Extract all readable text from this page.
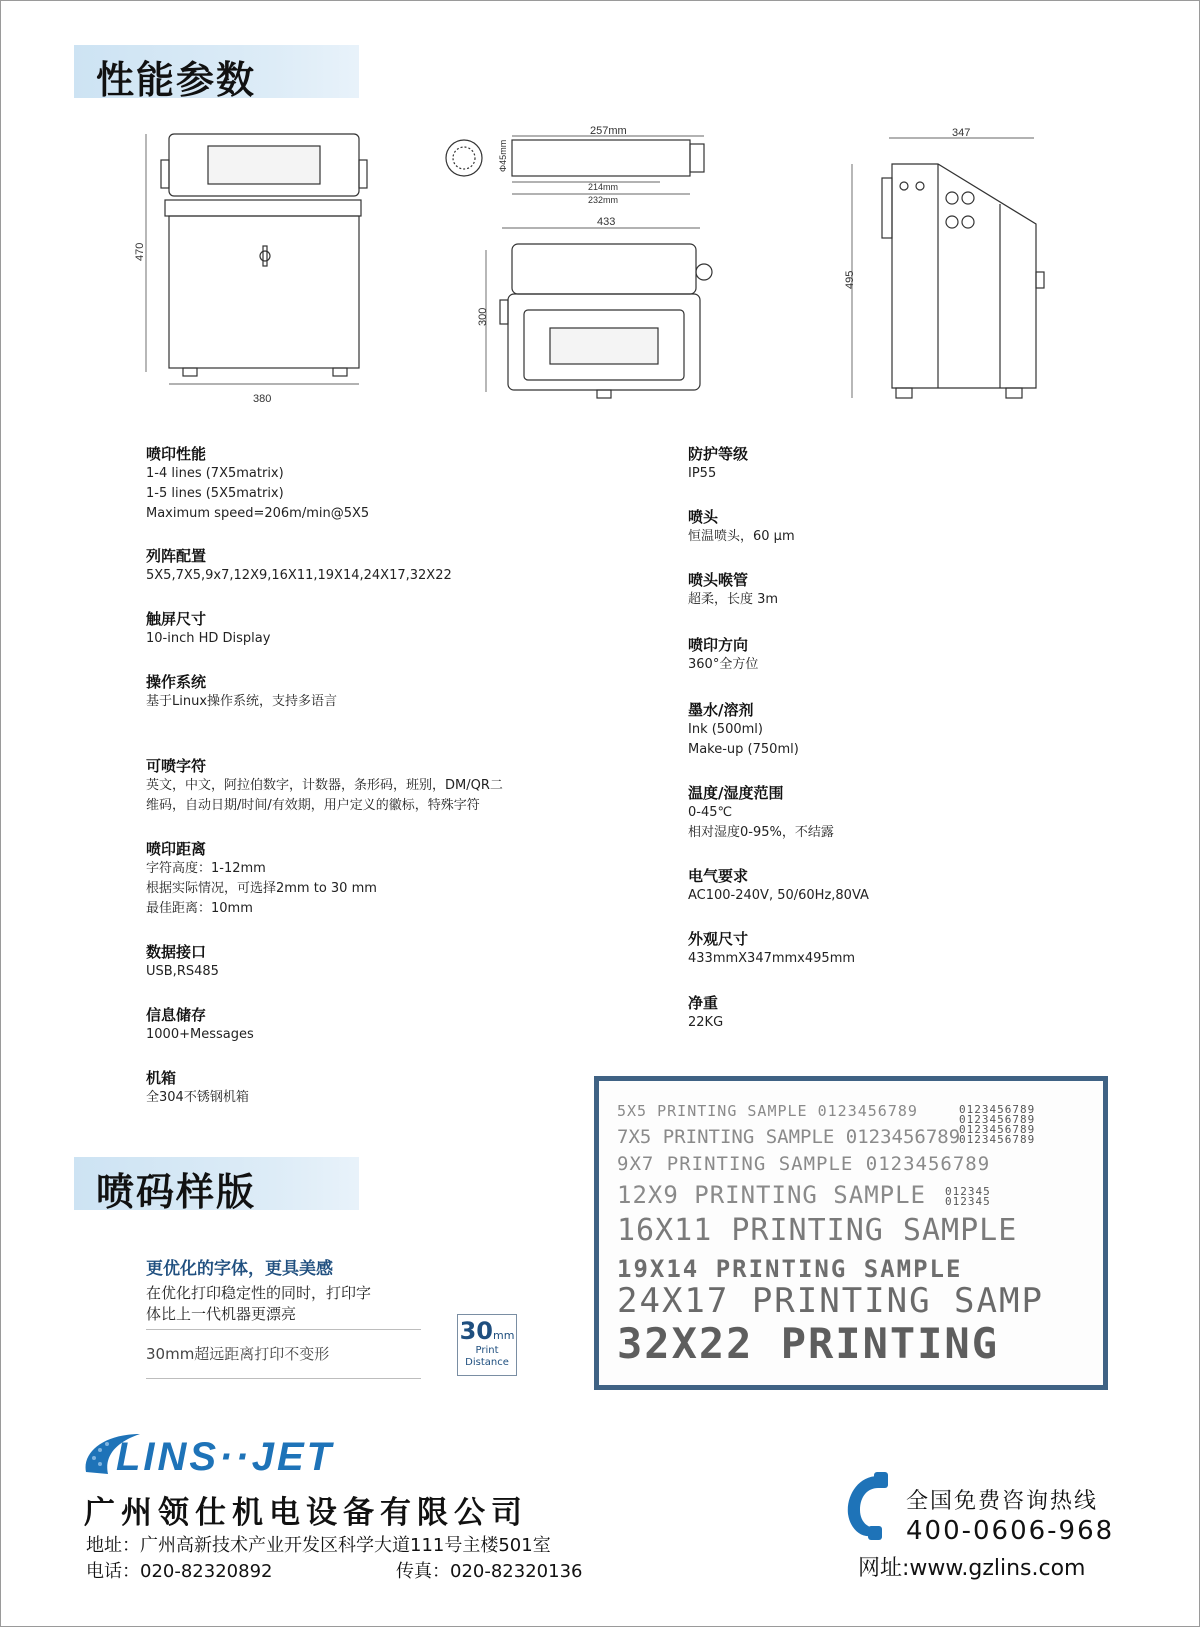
性能参数
380
470
257mm
Φ45mm
214mm
232mm
433
300
347
495
喷印性能
1-4 lines (7X5matrix)
1-5 lines (5X5matrix)
Maximum speed=206m/min@5X5
列阵配置
5X5,7X5,9x7,12X9,16X11,19X14,24X17,32X22
触屏尺寸
10-inch HD Display
操作系统
基于Linux操作系统，支持多语言
可喷字符
英文，中文，阿拉伯数字，计数器，条形码，班别，DM/QR二
维码，自动日期/时间/有效期，用户定义的徽标，特殊字符
喷印距离
字符高度：1-12mm
根据实际情况，可选择2mm to 30 mm
最佳距离：10mm
数据接口
USB,RS485
信息储存
1000+Messages
机箱
全304不锈钢机箱
防护等级
IP55
喷头
恒温喷头，60 μm
喷头喉管
超柔，长度 3m
喷印方向
360°全方位
墨水/溶剂
Ink (500ml)
Make-up (750ml)
温度/湿度范围
0-45℃
相对湿度0-95%，不结露
电气要求
AC100-240V, 50/60Hz,80VA
外观尺寸
433mmX347mmx495mm
净重
22KG
喷码样版
5X5 PRINTING SAMPLE 0123456789
7X5 PRINTING SAMPLE 0123456789
9X7 PRINTING SAMPLE 0123456789
12X9 PRINTING SAMPLE
16X11 PRINTING SAMPLE
19X14 PRINTING SAMPLE
24X17 PRINTING SAMP
32X22 PRINTING
0123456789
0123456789
0123456789
0123456789
012345
012345
更优化的字体，更具美感
在优化打印稳定性的同时，打印字
体比上一代机器更漂亮
30mm超远距离打印不变形
30mm
Print
Distance
LINS··JET
广州领仕机电设备有限公司
地址：广州高新技术产业开发区科学大道111号主楼501室
电话：020-82320892	传真：020-82320136
全国免费咨询热线
400-0606-968
网址:www.gzlins.com
